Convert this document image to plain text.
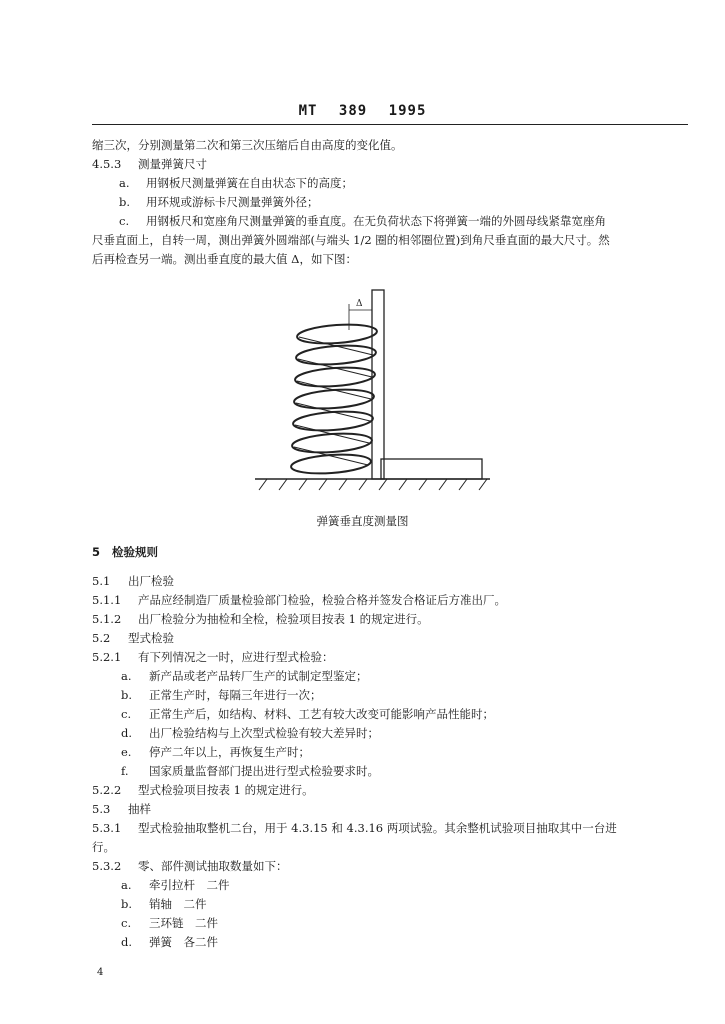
MT 389 1995
缩三次，分别测量第二次和第三次压缩后自由高度的变化值。
4.5.3 测量弹簧尺寸
a. 用钢板尺测量弹簧在自由状态下的高度；
b. 用环规或游标卡尺测量弹簧外径；
c. 用钢板尺和宽座角尺测量弹簧的垂直度。在无负荷状态下将弹簧一端的外圆母线紧靠宽座角
尺垂直面上，自转一周，测出弹簧外圆端部(与端头 1/2 圈的相邻圈位置)到角尺垂直面的最大尺寸。然
后再检查另一端。测出垂直度的最大值 Δ，如下图：
Δ
弹簧垂直度测量图
5 检验规则
5.1 出厂检验
5.1.1 产品应经制造厂质量检验部门检验，检验合格并签发合格证后方准出厂。
5.1.2 出厂检验分为抽检和全检，检验项目按表 1 的规定进行。
5.2 型式检验
5.2.1 有下列情况之一时，应进行型式检验：
a. 新产品或老产品转厂生产的试制定型鉴定；
b. 正常生产时，每隔三年进行一次；
c. 正常生产后，如结构、材料、工艺有较大改变可能影响产品性能时；
d. 出厂检验结构与上次型式检验有较大差异时；
e. 停产二年以上，再恢复生产时；
f. 国家质量监督部门提出进行型式检验要求时。
5.2.2 型式检验项目按表 1 的规定进行。
5.3 抽样
5.3.1 型式检验抽取整机二台，用于 4.3.15 和 4.3.16 两项试验。其余整机试验项目抽取其中一台进
行。
5.3.2 零、部件测试抽取数量如下：
a. 牵引拉杆　二件
b. 销轴　二件
c. 三环链　二件
d. 弹簧　各二件
4
